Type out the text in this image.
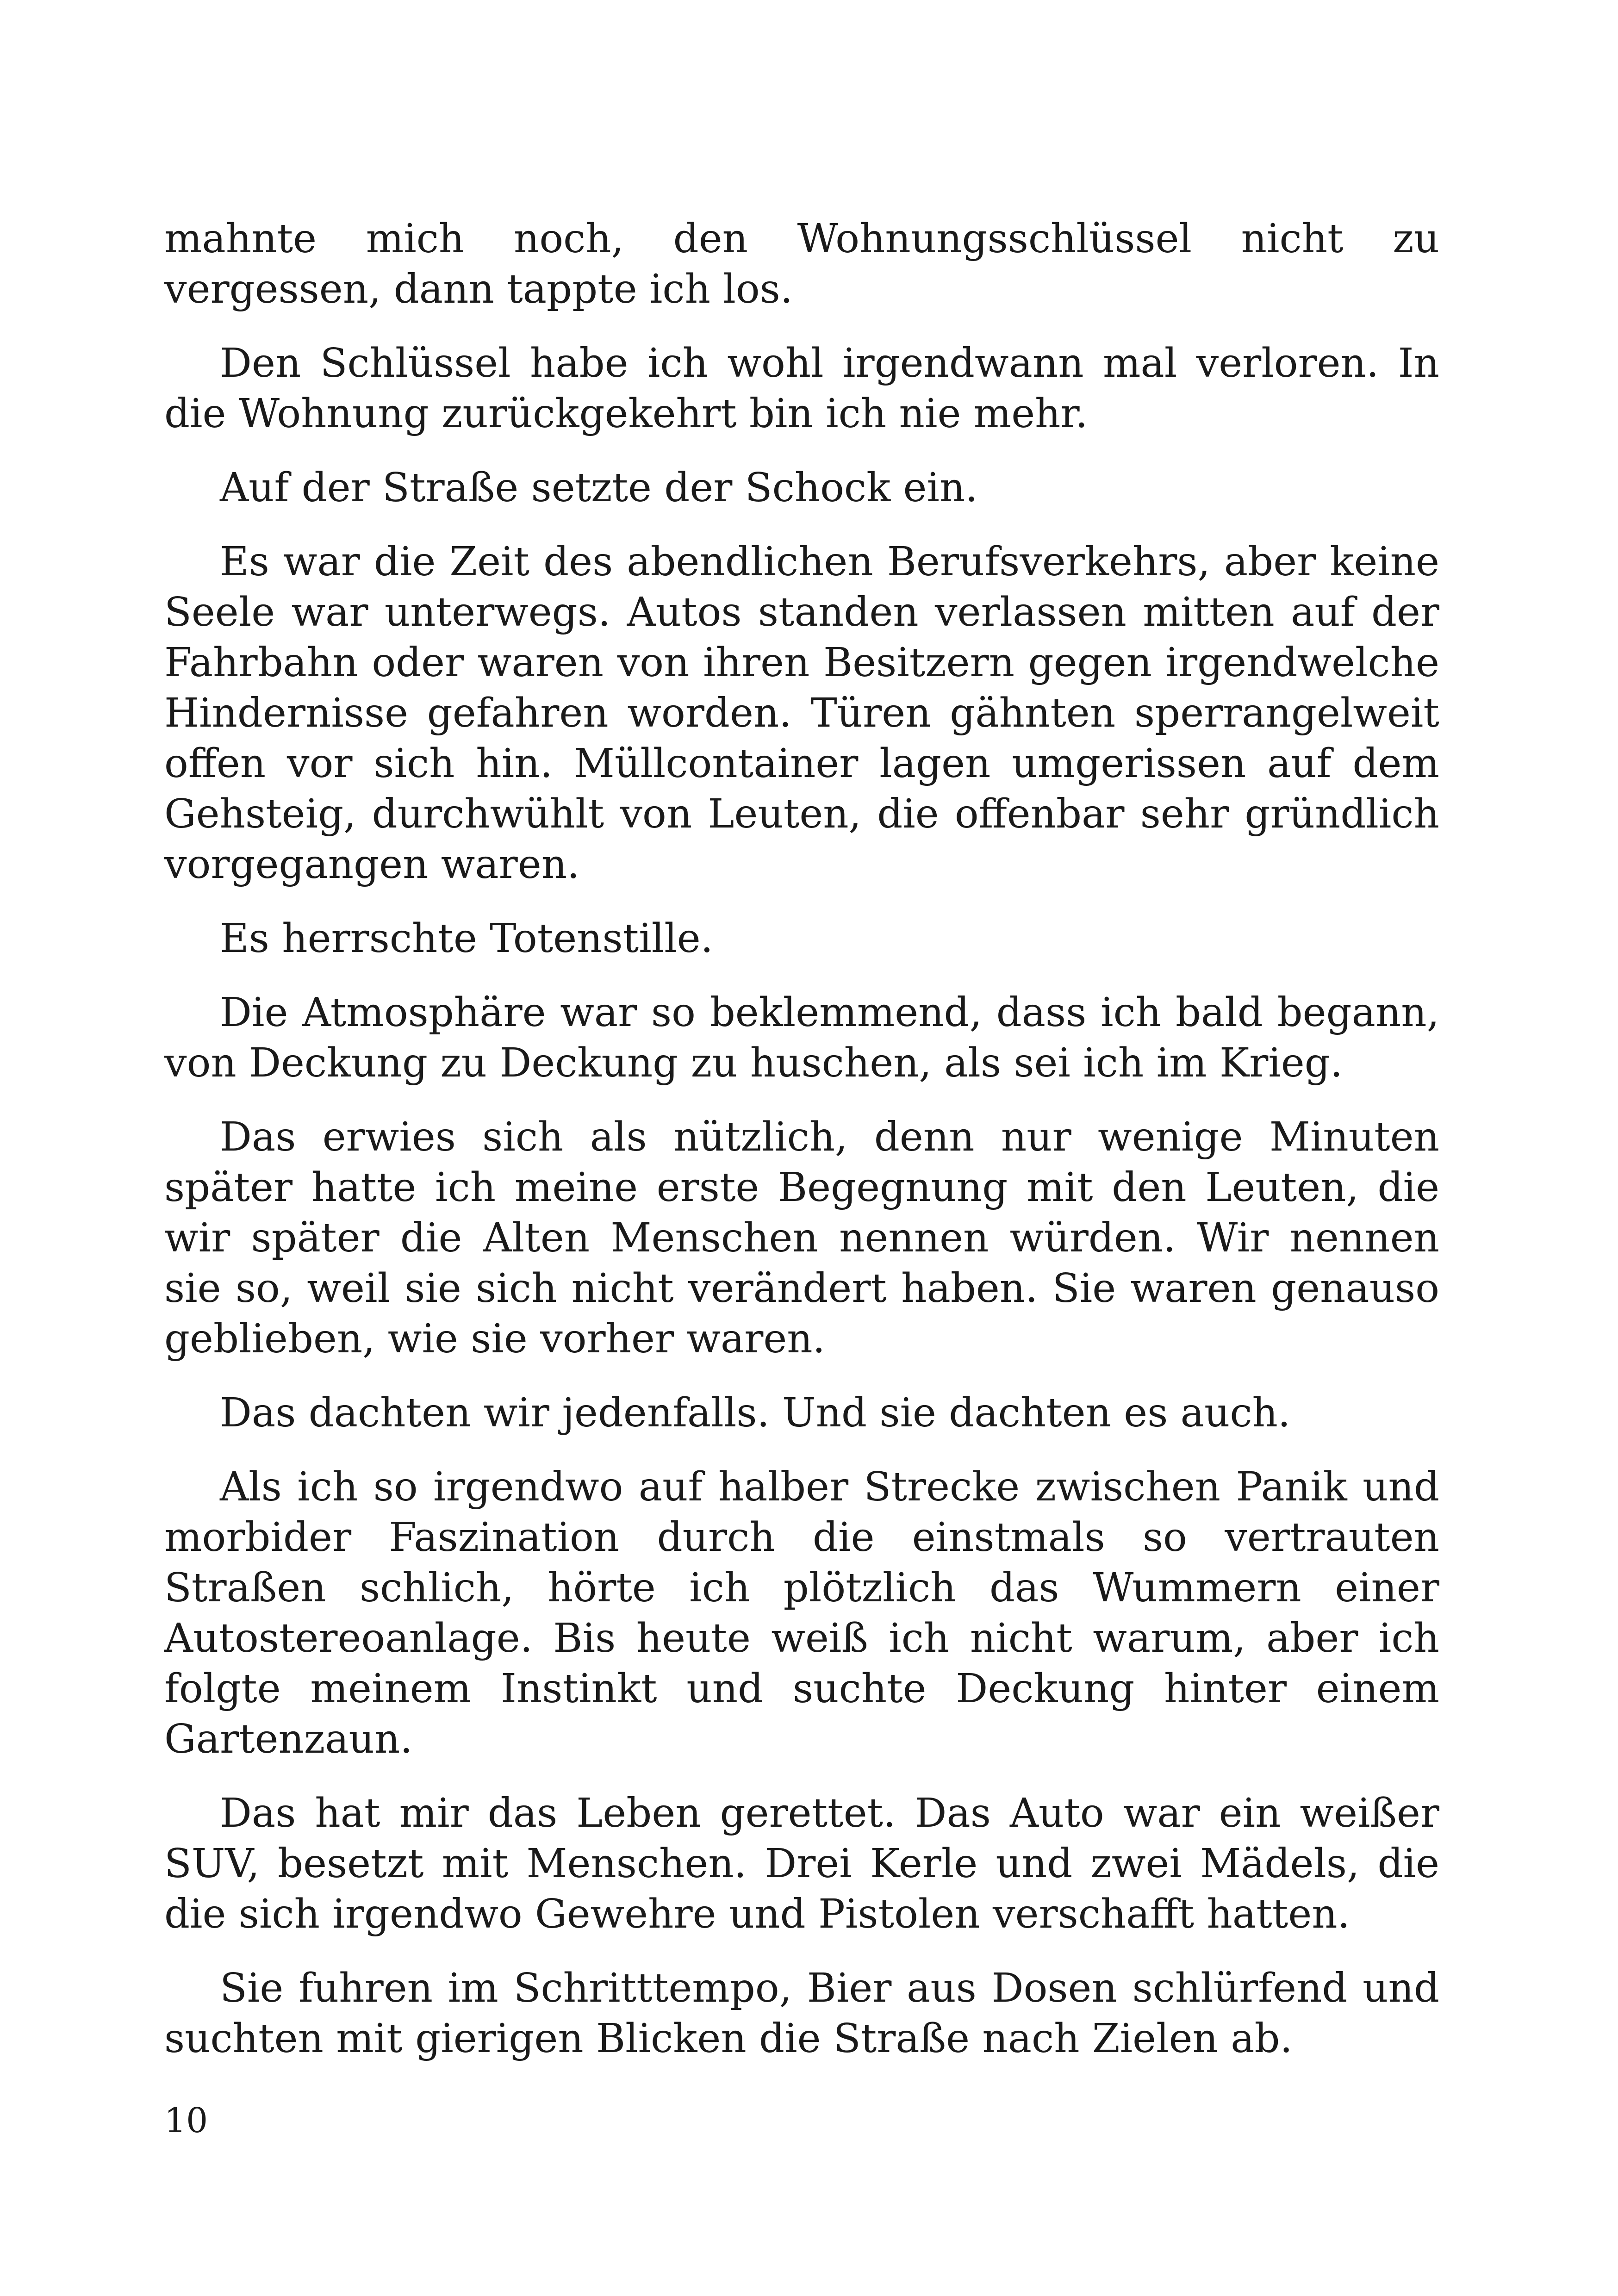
mahnte mich noch, den Wohnungsschlüssel nicht zu vergessen, dann tappte ich los.

Den Schlüssel habe ich wohl irgendwann mal verloren. In die Wohnung zurückgekehrt bin ich nie mehr.

Auf der Straße setzte der Schock ein.

Es war die Zeit des abendlichen Berufsverkehrs, aber keine Seele war unterwegs. Autos standen verlassen mitten auf der Fahrbahn oder waren von ihren Besitzern gegen irgendwelche Hindernisse gefahren worden. Türen gähnten sperrangelweit offen vor sich hin. Müllcontainer lagen umgerissen auf dem Gehsteig, durchwühlt von Leuten, die offenbar sehr gründlich vorgegangen waren.

Es herrschte Totenstille.

Die Atmosphäre war so beklemmend, dass ich bald begann, von Deckung zu Deckung zu huschen, als sei ich im Krieg.

Das erwies sich als nützlich, denn nur wenige Minuten später hatte ich meine erste Begegnung mit den Leuten, die wir später die Alten Menschen nennen würden. Wir nennen sie so, weil sie sich nicht verändert haben. Sie waren genauso geblieben, wie sie vorher waren.

Das dachten wir jedenfalls. Und sie dachten es auch.

Als ich so irgendwo auf halber Strecke zwischen Panik und morbider Faszination durch die einstmals so vertrauten Straßen schlich, hörte ich plötzlich das Wummern einer Autostereoanlage. Bis heute weiß ich nicht warum, aber ich folgte meinem Instinkt und suchte Deckung hinter einem Gartenzaun.

Das hat mir das Leben gerettet. Das Auto war ein weißer SUV, besetzt mit Menschen. Drei Kerle und zwei Mädels, die die sich irgendwo Gewehre und Pistolen verschafft hatten.

Sie fuhren im Schritttempo, Bier aus Dosen schlürfend und suchten mit gierigen Blicken die Straße nach Zielen ab.

10
